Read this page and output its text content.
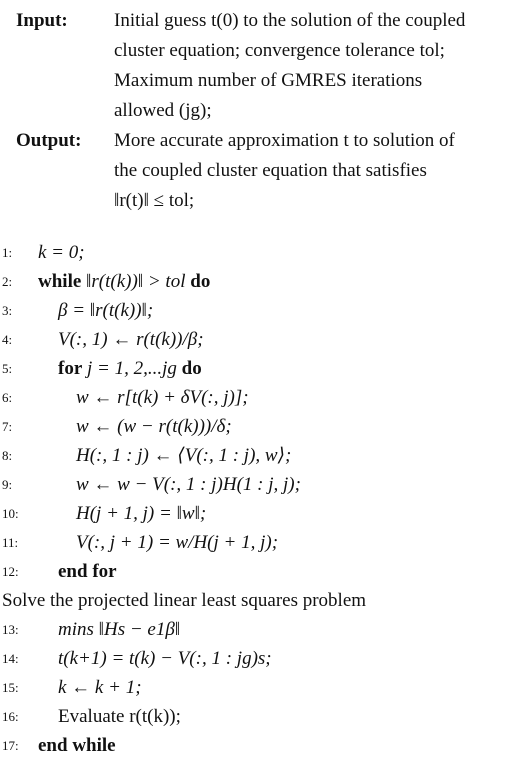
Input:	Initial guess t(0) to the solution of the coupled
cluster equation; convergence tolerance tol;
Maximum number of GMRES iterations
allowed (jg);
Output:	More accurate approximation t to solution of
the coupled cluster equation that satisfies
‖r(t)‖ ≤ tol;
1:	k = 0;
2:	while ‖r(t(k))‖ > tol do
3:	β = ‖r(t(k))‖;
4:	V(:, 1) ← r(t(k))/β;
5:	for j = 1, 2,...jg do
6:	w ← r[t(k) + δV(:, j)];
7:	w ← (w − r(t(k)))/δ;
8:	H(:, 1 : j) ← ⟨V(:, 1 : j), w⟩;
9:	w ← w − V(:, 1 : j)H(1 : j, j);
10:	H(j + 1, j) = ‖w‖;
11:	V(:, j + 1) = w/H(j + 1, j);
12:	end for
Solve the projected linear least squares problem
13:	mins ‖Hs − e1β‖
14:	t(k+1) = t(k) − V(:, 1 : jg)s;
15:	k ← k + 1;
16:	Evaluate r(t(k));
17:	end while
